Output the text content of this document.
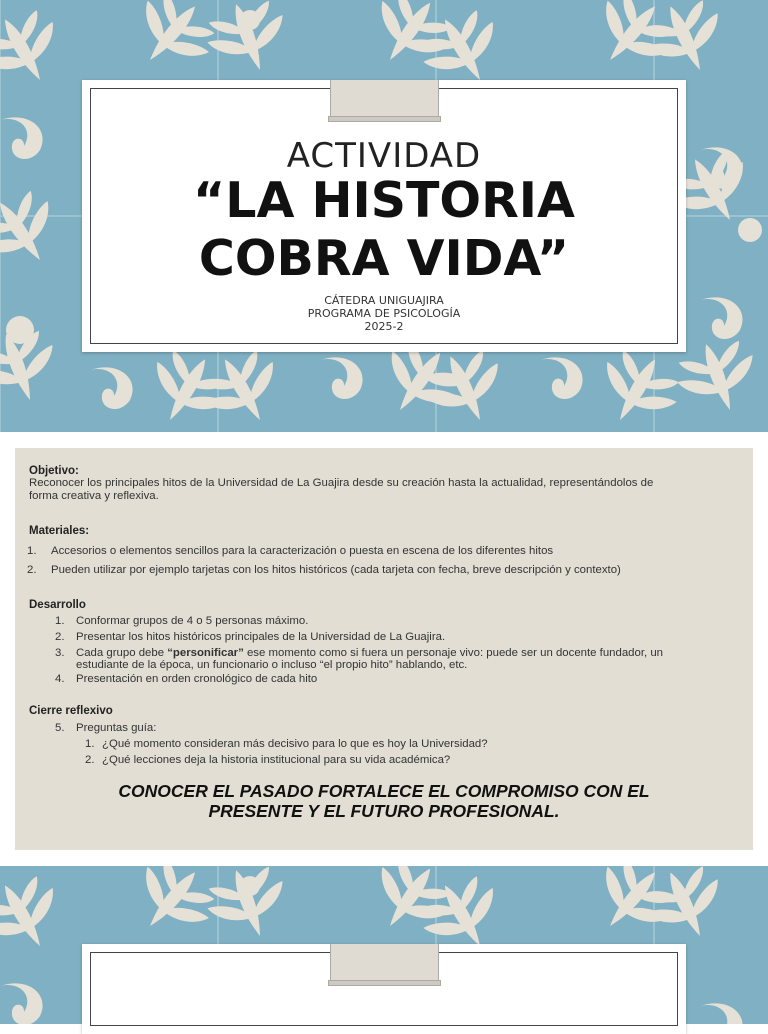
ACTIVIDAD
“LA HISTORIA
COBRA VIDA”
CÁTEDRA UNIGUAJIRA
PROGRAMA DE PSICOLOGÍA
2025-2
Objetivo:
Reconocer los principales hitos de la Universidad de La Guajira desde su creación hasta la actualidad, representándolos de
forma creativa y reflexiva.
Materiales:
1. Accesorios o elementos sencillos para la caracterización o puesta en escena de los diferentes hitos
2. Pueden utilizar por ejemplo tarjetas con los hitos históricos (cada tarjeta con fecha, breve descripción y contexto)
Desarrollo
1. Conformar grupos de 4 o 5 personas máximo.
2. Presentar los hitos históricos principales de la Universidad de La Guajira.
3. Cada grupo debe “personificar” ese momento como si fuera un personaje vivo: puede ser un docente fundador, un
estudiante de la época, un funcionario o incluso “el propio hito” hablando, etc.
4. Presentación en orden cronológico de cada hito
Cierre reflexivo
5. Preguntas guía:
1. ¿Qué momento consideran más decisivo para lo que es hoy la Universidad?
2. ¿Qué lecciones deja la historia institucional para su vida académica?
CONOCER EL PASADO FORTALECE EL COMPROMISO CON EL
PRESENTE Y EL FUTURO PROFESIONAL.
